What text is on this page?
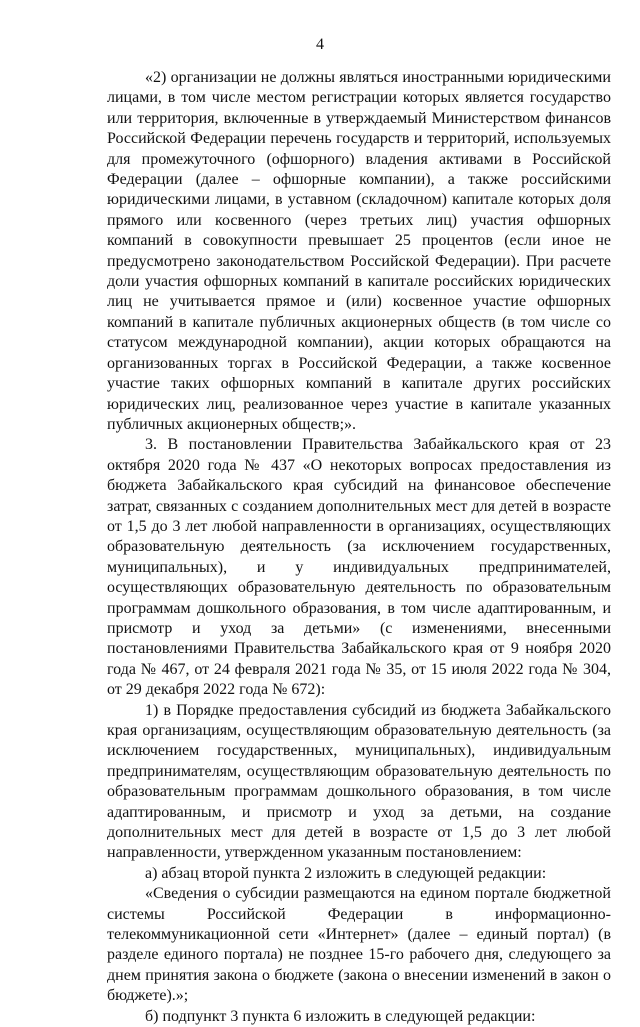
4

«2) организации не должны являться иностранными юридическими лицами, в том числе местом регистрации которых является государство или территория, включенные в утверждаемый Министерством финансов Российской Федерации перечень государств и территорий, используемых для промежуточного (офшорного) владения активами в Российской Федерации (далее – офшорные компании), а также российскими юридическими лицами, в уставном (складочном) капитале которых доля прямого или косвенного (через третьих лиц) участия офшорных компаний в совокупности превышает 25 процентов (если иное не предусмотрено законодательством Российской Федерации). При расчете доли участия офшорных компаний в капитале российских юридических лиц не учитывается прямое и (или) косвенное участие офшорных компаний в капитале публичных акционерных обществ (в том числе со статусом международной компании), акции которых обращаются на организованных торгах в Российской Федерации, а также косвенное участие таких офшорных компаний в капитале других российских юридических лиц, реализованное через участие в капитале указанных публичных акционерных обществ;».

3. В постановлении Правительства Забайкальского края от 23 октября 2020 года № 437 «О некоторых вопросах предоставления из бюджета Забайкальского края субсидий на финансовое обеспечение затрат, связанных с созданием дополнительных мест для детей в возрасте от 1,5 до 3 лет любой направленности в организациях, осуществляющих образовательную деятельность (за исключением государственных, муниципальных), и у индивидуальных предпринимателей, осуществляющих образовательную деятельность по образовательным программам дошкольного образования, в том числе адаптированным, и присмотр и уход за детьми» (с изменениями, внесенными постановлениями Правительства Забайкальского края от 9 ноября 2020 года № 467, от 24 февраля 2021 года № 35, от 15 июля 2022 года № 304, от 29 декабря 2022 года № 672):

1) в Порядке предоставления субсидий из бюджета Забайкальского края организациям, осуществляющим образовательную деятельность (за исключением государственных, муниципальных), индивидуальным предпринимателям, осуществляющим образовательную деятельность по образовательным программам дошкольного образования, в том числе адаптированным, и присмотр и уход за детьми, на создание дополнительных мест для детей в возрасте от 1,5 до 3 лет любой направленности, утвержденном указанным постановлением:

а) абзац второй пункта 2 изложить в следующей редакции:

«Сведения о субсидии размещаются на едином портале бюджетной системы Российской Федерации в информационно-телекоммуникационной сети «Интернет» (далее – единый портал) (в разделе единого портала) не позднее 15-го рабочего дня, следующего за днем принятия закона о бюджете (закона о внесении изменений в закон о бюджете).»;

б) подпункт 3 пункта 6 изложить в следующей редакции:
